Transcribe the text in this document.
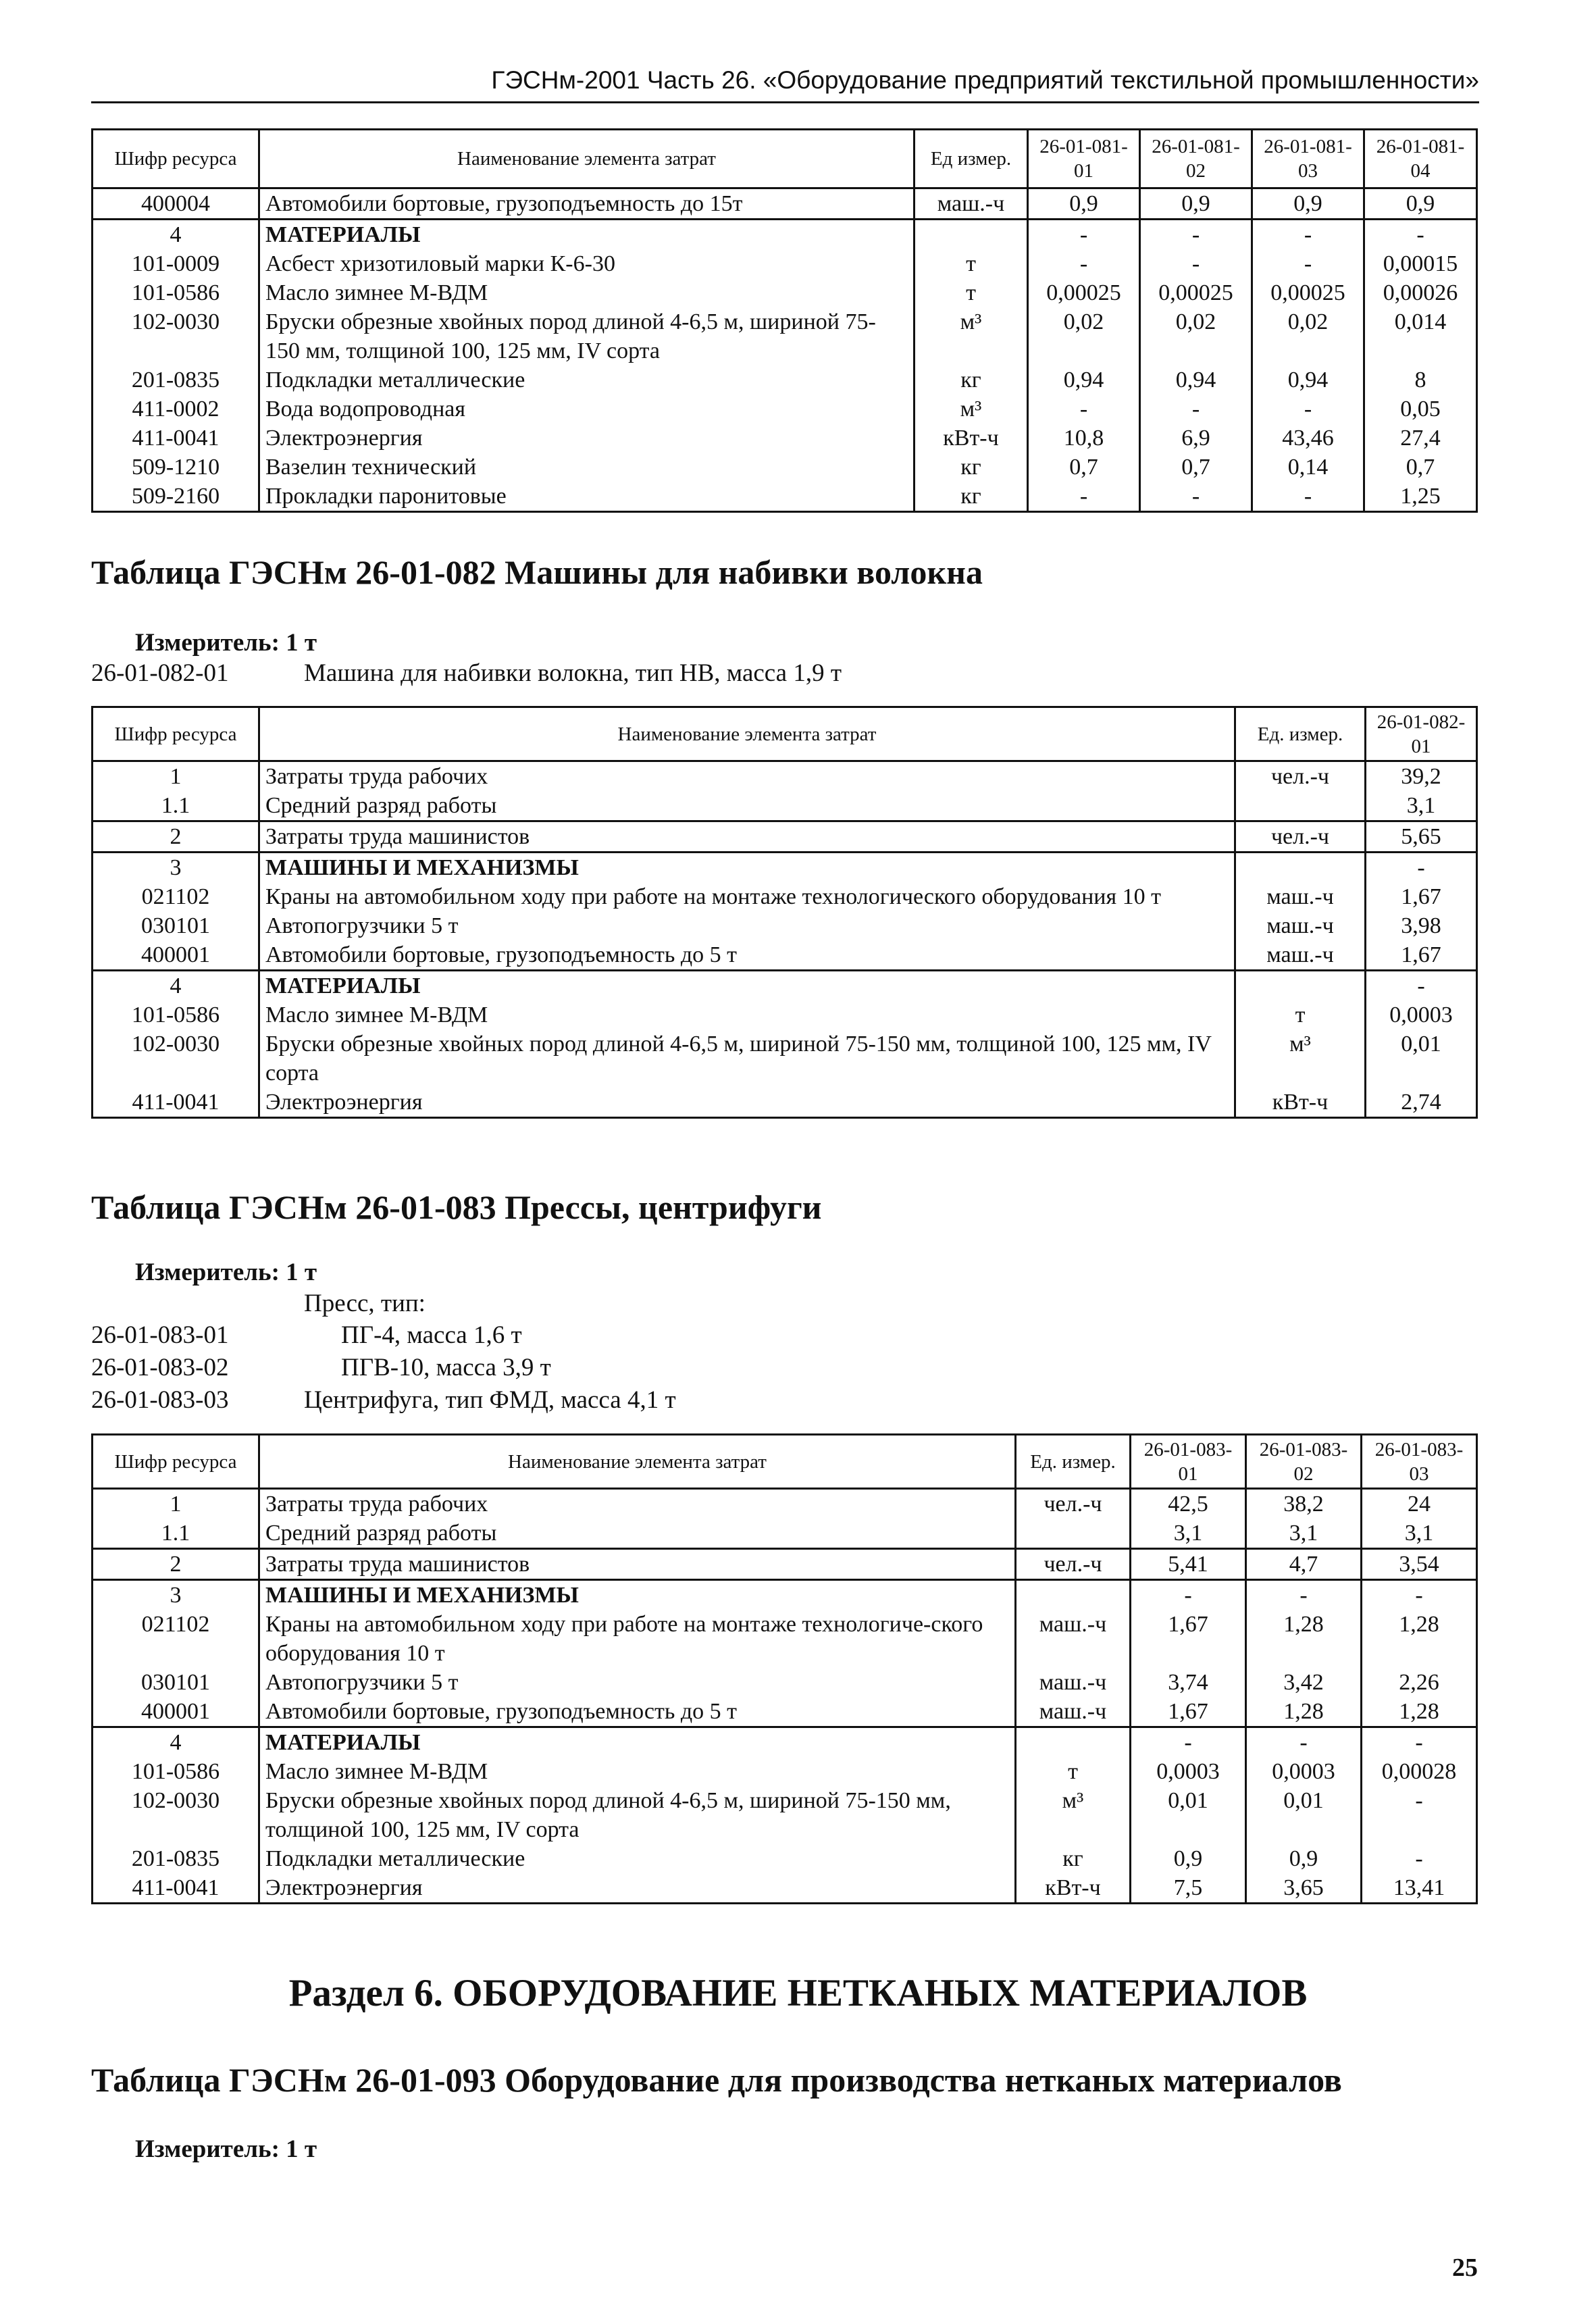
ГЭСНм-2001 Часть 26. «Оборудование предприятий текстильной промышленности»
Шифр ресурса	Наименование элемента затрат	Ед измер.	26-01-081-01	26-01-081-02	26-01-081-03	26-01-081-04
400004	Автомобили бортовые, грузоподъемность до 15т	маш.-ч	0,9	0,9	0,9	0,9
4	МАТЕРИАЛЫ		-	-	-	-
101-0009	Асбест хризотиловый марки К-6-30	т	-	-	-	0,00015
101-0586	Масло зимнее М-ВДМ	т	0,00025	0,00025	0,00025	0,00026
102-0030	Бруски обрезные хвойных пород длиной 4-6,5 м, шириной 75-150 мм, толщиной 100, 125 мм, IV сорта	м³	0,02	0,02	0,02	0,014
201-0835	Подкладки металлические	кг	0,94	0,94	0,94	8
411-0002	Вода водопроводная	м³	-	-	-	0,05
411-0041	Электроэнергия	кВт-ч	10,8	6,9	43,46	27,4
509-1210	Вазелин технический	кг	0,7	0,7	0,14	0,7
509-2160	Прокладки паронитовые	кг	-	-	-	1,25
Таблица ГЭСНм 26-01-082 Машины для набивки волокна
Измеритель: 1 т
26-01-082-01	Машина для набивки волокна, тип НВ, масса 1,9 т
Шифр ресурса	Наименование элемента затрат	Ед. измер.	26-01-082-01
1	Затраты труда рабочих	чел.-ч	39,2
1.1	Средний разряд работы		3,1
2	Затраты труда машинистов	чел.-ч	5,65
3	МАШИНЫ И МЕХАНИЗМЫ		-
021102	Краны на автомобильном ходу при работе на монтаже технологического оборудования 10 т	маш.-ч	1,67
030101	Автопогрузчики 5 т	маш.-ч	3,98
400001	Автомобили бортовые, грузоподъемность до 5 т	маш.-ч	1,67
4	МАТЕРИАЛЫ		-
101-0586	Масло зимнее М-ВДМ	т	0,0003
102-0030	Бруски обрезные хвойных пород длиной 4-6,5 м, шириной 75-150 мм, толщиной 100, 125 мм, IV сорта	м³	0,01
411-0041	Электроэнергия	кВт-ч	2,74
Таблица ГЭСНм 26-01-083 Прессы, центрифуги
Измеритель: 1 т
Пресс, тип:
26-01-083-01	ПГ-4, масса 1,6 т
26-01-083-02	ПГВ-10, масса 3,9 т
26-01-083-03	Центрифуга, тип ФМД, масса 4,1 т
Шифр ресурса	Наименование элемента затрат	Ед. измер.	26-01-083-01	26-01-083-02	26-01-083-03
1	Затраты труда рабочих	чел.-ч	42,5	38,2	24
1.1	Средний разряд работы		3,1	3,1	3,1
2	Затраты труда машинистов	чел.-ч	5,41	4,7	3,54
3	МАШИНЫ И МЕХАНИЗМЫ		-	-	-
021102	Краны на автомобильном ходу при работе на монтаже технологиче-ского оборудования 10 т	маш.-ч	1,67	1,28	1,28
030101	Автопогрузчики 5 т	маш.-ч	3,74	3,42	2,26
400001	Автомобили бортовые, грузоподъемность до 5 т	маш.-ч	1,67	1,28	1,28
4	МАТЕРИАЛЫ		-	-	-
101-0586	Масло зимнее М-ВДМ	т	0,0003	0,0003	0,00028
102-0030	Бруски обрезные хвойных пород длиной 4-6,5 м, шириной 75-150 мм, толщиной 100, 125 мм, IV сорта	м³	0,01	0,01	-
201-0835	Подкладки металлические	кг	0,9	0,9	-
411-0041	Электроэнергия	кВт-ч	7,5	3,65	13,41
Раздел 6. ОБОРУДОВАНИЕ НЕТКАНЫХ МАТЕРИАЛОВ
Таблица ГЭСНм 26-01-093 Оборудование для производства нетканых материалов
Измеритель: 1 т
25
